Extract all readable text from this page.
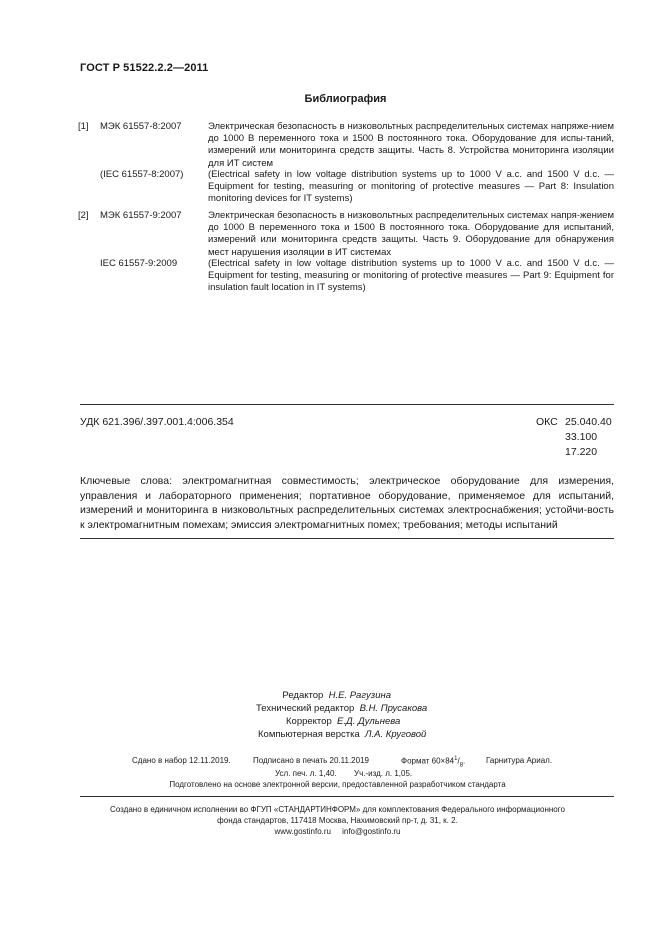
ГОСТ Р 51522.2.2—2011
Библиография
[1] МЭК 61557-8:2007	Электрическая безопасность в низковольтных распределительных системах напряже-нием до 1000 В переменного тока и 1500 В постоянного тока. Оборудование для испы-таний, измерений или мониторинга средств защиты. Часть 8. Устройства мониторинга изоляции для ИТ систем
(IEC 61557-8:2007)	(Electrical safety in low voltage distribution systems up to 1000 V a.c. and 1500 V d.c. — Equipment for testing, measuring or monitoring of protective measures — Part 8: Insulation monitoring devices for IT systems)
[2] МЭК 61557-9:2007	Электрическая безопасность в низковольтных распределительных системах напря-жением до 1000 В переменного тока и 1500 В постоянного тока. Оборудование для испытаний, измерений или мониторинга средств защиты. Часть 9. Оборудование для обнаружения мест нарушения изоляции в ИТ системах
IEC 61557-9:2009	(Electrical safety in low voltage distribution systems up to 1000 V a.c. and 1500 V d.c. — Equipment for testing, measuring or monitoring of protective measures — Part 9: Equipment for insulation fault location in IT systems)
УДК 621.396/.397.001.4:006.354	ОКС 25.040.40
33.100
17.220
Ключевые слова: электромагнитная совместимость; электрическое оборудование для измерения, управления и лабораторного применения; портативное оборудование, применяемое для испытаний, измерений и мониторинга в низковольтных распределительных системах электроснабжения; устойчи-вость к электромагнитным помехам; эмиссия электромагнитных помех; требования; методы испытаний
Редактор Н.Е. Рагузина
Технический редактор В.Н. Прусакова
Корректор Е.Д. Дульнева
Компьютерная верстка Л.А. Круговой
Сдано в набор 12.11.2019.	Подписано в печать 20.11.2019	Формат $60\times 84^1/_8$.	Гарнитура Ариал.
Усл. печ. л. 1,40. Уч.-изд. л. 1,05.
Подготовлено на основе электронной версии, предоставленной разработчиком стандарта
Создано в единичном исполнении во ФГУП «СТАНДАРТИНФОРМ» для комплектования Федерального информационного
фонда стандартов, 117418 Москва, Нахимовский пр-т, д. 31, к. 2.
www.gostinfo.ru info@gostinfo.ru
